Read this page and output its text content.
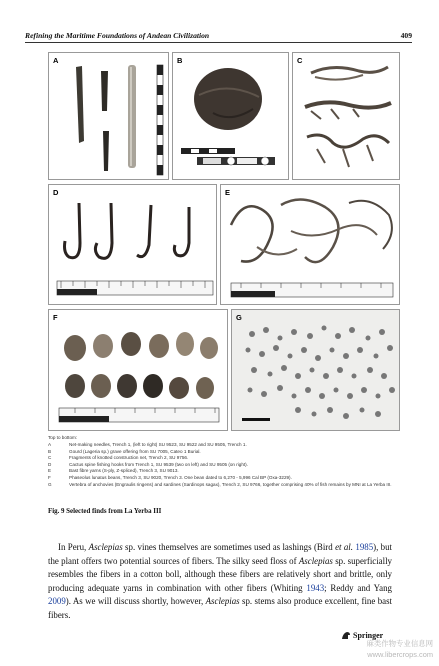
Refining the Maritime Foundations of Andean Civilization	409
A	B	C
D	E
F	G
Top to bottom:
A	Net-making needles, Trench 1, (left to right) SU 9523, SU 9522 and SU 9505, Trench 1.
B	Gourd (Lageria sp.) grave offering from SU 7005, Cateo 1 Burial.
C	Fragments of knotted construction net, Trench 2, SU 9756.
D	Cactus spine fishing hooks from Trench 1, SU 9539 (two on left) and SU 9505 (on right).
E	Bast fibre yarns (S-ply, Z-spliced), Trench 3, SU 9013.
F	Phaseolus lunatus beans, Trench 3, SU 9020, Trench 3. One bean dated to 6,270 - 5,996 Cal BP (Oxa-3229).
G	Vertebra of anchovies (Engraulis ringens) and sardines (Sardinops sagax), Trench 2, SU 9766, together comprising 40% of fish remains by MNI at La Yerba III.
Fig. 9 Selected finds from La Yerba III

In Peru, Asclepias sp. vines themselves are sometimes used as lashings (Bird et al. 1985), but the plant offers two potential sources of fibers. The silky seed floss of Asclepias sp. superficially resembles the fibers in a cotton boll, although these fibers are relatively short and brittle, only producing adequate yarns in combination with other fibers (Whiting 1943; Reddy and Yang 2009). As we will discuss shortly, however, Asclepias sp. stems also produce excellent, fine bast fibers.

Springer
麻类作物专业信息网
www.libercrops.com
